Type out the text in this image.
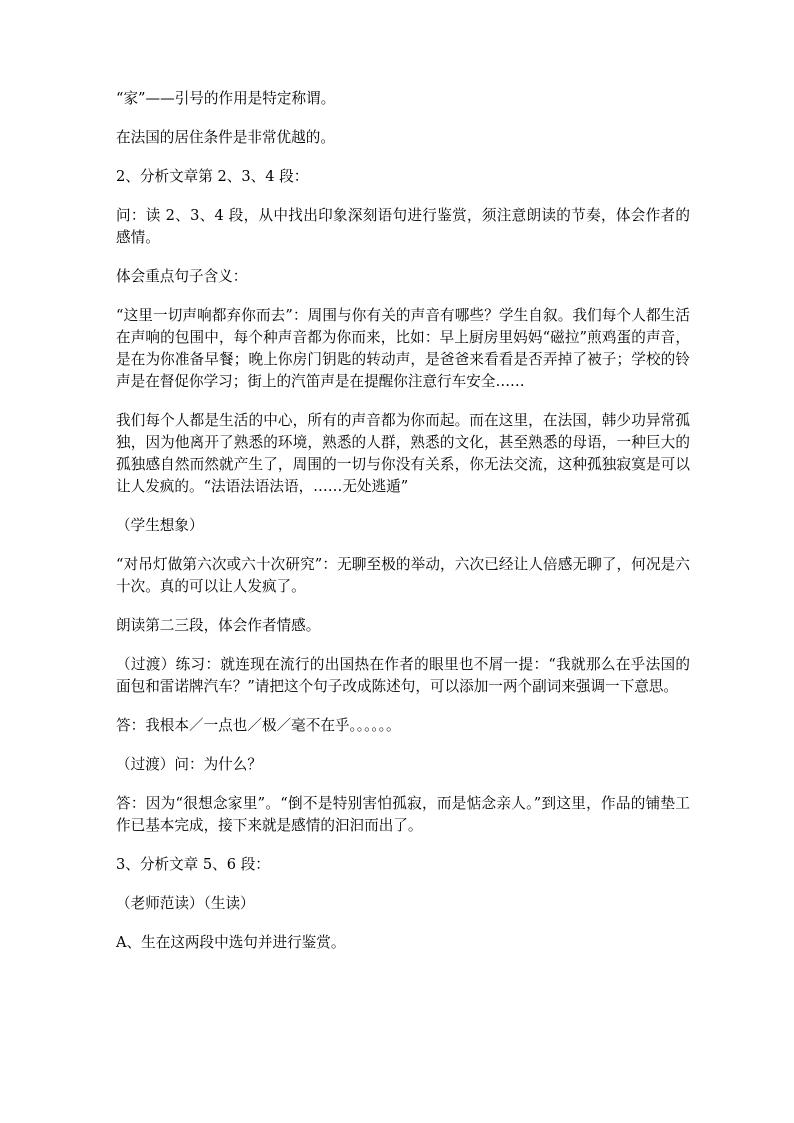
“家”——引号的作用是特定称谓。

在法国的居住条件是非常优越的。

2、分析文章第 2、3、4 段：

问：读 2、3、4 段，从中找出印象深刻语句进行鉴赏，须注意朗读的节奏，体会作者的感情。

体会重点句子含义：

“这里一切声响都弃你而去”：周围与你有关的声音有哪些？学生自叙。我们每个人都生活在声响的包围中，每个种声音都为你而来，比如：早上厨房里妈妈“磁拉”煎鸡蛋的声音，是在为你准备早餐；晚上你房门钥匙的转动声，是爸爸来看看是否弄掉了被子；学校的铃声是在督促你学习；街上的汽笛声是在提醒你注意行车安全……

我们每个人都是生活的中心，所有的声音都为你而起。而在这里，在法国，韩少功异常孤独，因为他离开了熟悉的环境，熟悉的人群，熟悉的文化，甚至熟悉的母语，一种巨大的孤独感自然而然就产生了，周围的一切与你没有关系，你无法交流，这种孤独寂寞是可以让人发疯的。“法语法语法语，……无处逃遁”

（学生想象）

“对吊灯做第六次或六十次研究”：无聊至极的举动，六次已经让人倍感无聊了，何况是六十次。真的可以让人发疯了。

朗读第二三段，体会作者情感。

（过渡）练习：就连现在流行的出国热在作者的眼里也不屑一提：“我就那么在乎法国的面包和雷诺牌汽车？”请把这个句子改成陈述句，可以添加一两个副词来强调一下意思。

答：我根本／一点也／极／毫不在乎。。。。。。

（过渡）问：为什么？

答：因为“很想念家里”。“倒不是特别害怕孤寂，而是惦念亲人。”到这里，作品的铺垫工作已基本完成，接下来就是感情的汩汩而出了。

3、分析文章 5、6 段：

（老师范读）（生读）

A、生在这两段中选句并进行鉴赏。
